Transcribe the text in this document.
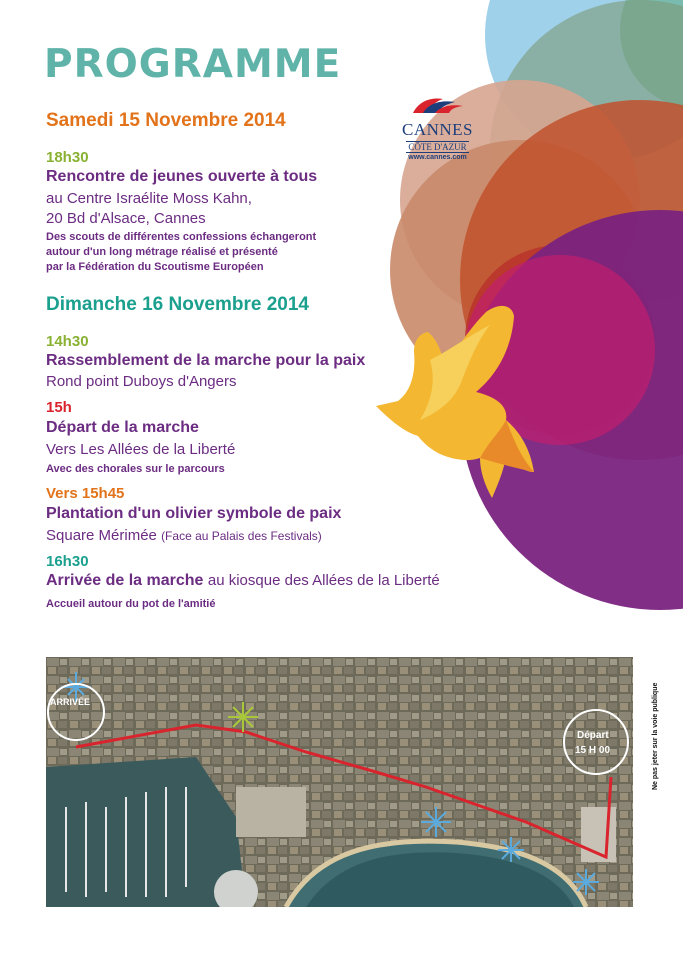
PROGRAMME
CANNES
CÔTE D'AZUR
www.cannes.com
Samedi 15 Novembre 2014
18h30
Rencontre de jeunes ouverte à tous
au Centre Israélite Moss Kahn,
20 Bd d'Alsace, Cannes
Des scouts de différentes confessions échangeront
autour d'un long métrage réalisé et présenté
par la Fédération du Scoutisme Européen
Dimanche 16 Novembre 2014
14h30
Rassemblement de la marche pour la paix
Rond point Duboys d'Angers
15h
Départ de la marche
Vers Les Allées de la Liberté
Avec des chorales sur le parcours
Vers 15h45
Plantation d'un olivier symbole de paix
Square Mérimée (Face au Palais des Festivals)
16h30
Arrivée de la marche au kiosque des Allées de la Liberté
Accueil autour du pot de l'amitié
ARRIVÉE
Départ
15 H 00	Ne pas jeter sur la voie publique
